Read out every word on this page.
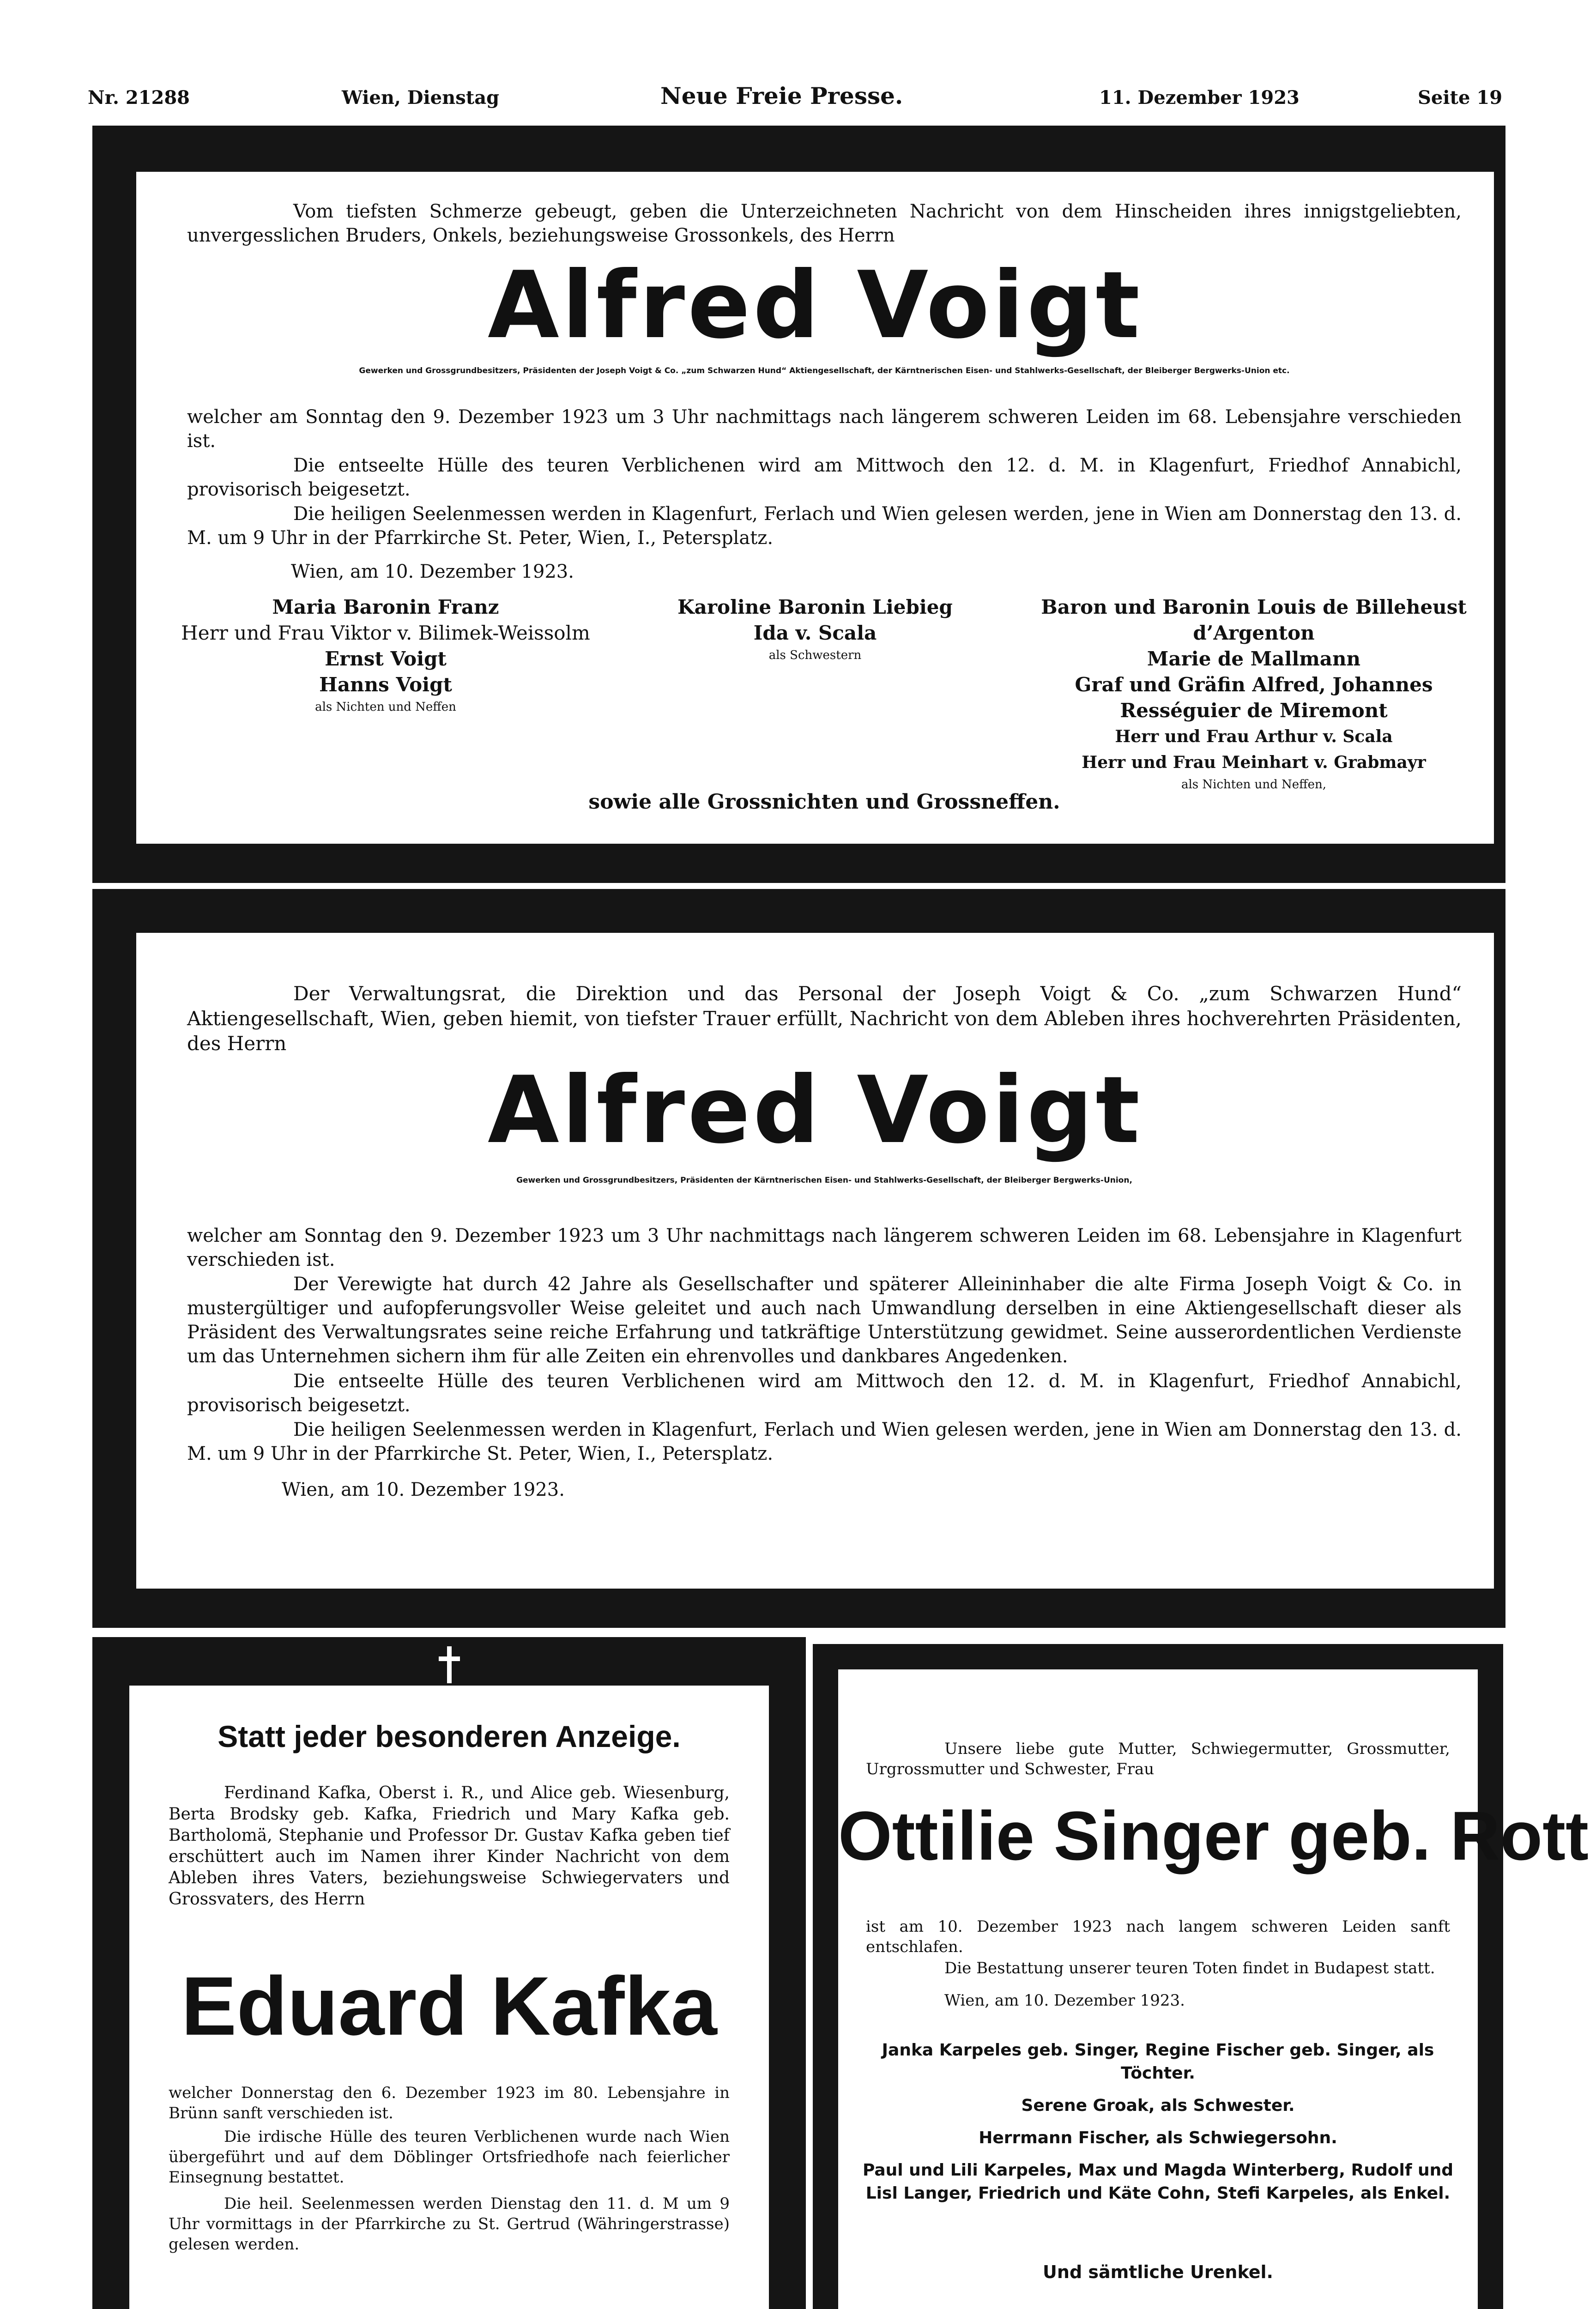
Nr. 21288	Wien, Dienstag	Neue Freie Presse.	11. Dezember 1923	Seite 19

Vom tiefsten Schmerze gebeugt, geben die Unterzeichneten Nachricht von dem Hinscheiden ihres innigstgeliebten, unvergesslichen Bruders, Onkels, beziehungsweise Grossonkels, des Herrn

Alfred Voigt

Gewerken und Grossgrundbesitzers, Präsidenten der Joseph Voigt & Co. „zum Schwarzen Hund“ Aktiengesellschaft, der Kärntnerischen Eisen- und Stahlwerks-Gesellschaft, der Bleiberger Bergwerks-Union etc.

welcher am Sonntag den 9. Dezember 1923 um 3 Uhr nachmittags nach längerem schweren Leiden im 68. Lebensjahre verschieden ist.

Die entseelte Hülle des teuren Verblichenen wird am Mittwoch den 12. d. M. in Klagenfurt, Friedhof Annabichl, provisorisch beigesetzt.

Die heiligen Seelenmessen werden in Klagenfurt, Ferlach und Wien gelesen werden, jene in Wien am Donnerstag den 13. d. M. um 9 Uhr in der Pfarrkirche St. Peter, Wien, I., Petersplatz.

Wien, am 10. Dezember 1923.

Maria Baronin Franz
Herr und Frau Viktor v. Bilimek-Weissolm
Ernst Voigt
Hanns Voigt
als Nichten und Neffen
Karoline Baronin Liebieg
Ida v. Scala
als Schwestern
Baron und Baronin Louis de Billeheust d’Argenton
Marie de Mallmann
Graf und Gräfin Alfred, Johannes Rességuier de Miremont
Herr und Frau Arthur v. Scala
Herr und Frau Meinhart v. Grabmayr
als Nichten und Neffen,

sowie alle Grossnichten und Grossneffen.

Der Verwaltungsrat, die Direktion und das Personal der Joseph Voigt & Co. „zum Schwarzen Hund“ Aktiengesellschaft, Wien, geben hiemit, von tiefster Trauer erfüllt, Nachricht von dem Ableben ihres hochverehrten Präsidenten, des Herrn

Alfred Voigt

Gewerken und Grossgrundbesitzers, Präsidenten der Kärntnerischen Eisen- und Stahlwerks-Gesellschaft, der Bleiberger Bergwerks-Union,

welcher am Sonntag den 9. Dezember 1923 um 3 Uhr nachmittags nach längerem schweren Leiden im 68. Lebensjahre in Klagenfurt verschieden ist.

Der Verewigte hat durch 42 Jahre als Gesellschafter und späterer Alleininhaber die alte Firma Joseph Voigt & Co. in mustergültiger und aufopferungsvoller Weise geleitet und auch nach Umwandlung derselben in eine Aktiengesellschaft dieser als Präsident des Verwaltungsrates seine reiche Erfahrung und tatkräftige Unterstützung gewidmet. Seine ausserordentlichen Verdienste um das Unternehmen sichern ihm für alle Zeiten ein ehrenvolles und dankbares Angedenken.

Die entseelte Hülle des teuren Verblichenen wird am Mittwoch den 12. d. M. in Klagenfurt, Friedhof Annabichl, provisorisch beigesetzt.

Die heiligen Seelenmessen werden in Klagenfurt, Ferlach und Wien gelesen werden, jene in Wien am Donnerstag den 13. d. M. um 9 Uhr in der Pfarrkirche St. Peter, Wien, I., Petersplatz.

Wien, am 10. Dezember 1923.

Statt jeder besonderen Anzeige.

Ferdinand Kafka, Oberst i. R., und Alice geb. Wiesenburg, Berta Brodsky geb. Kafka, Friedrich und Mary Kafka geb. Bartholomä, Stephanie und Professor Dr. Gustav Kafka geben tief erschüttert auch im Namen ihrer Kinder Nachricht von dem Ableben ihres Vaters, beziehungsweise Schwiegervaters und Grossvaters, des Herrn

Eduard Kafka

welcher Donnerstag den 6. Dezember 1923 im 80. Lebensjahre in Brünn sanft verschieden ist.

Die irdische Hülle des teuren Verblichenen wurde nach Wien übergeführt und auf dem Döblinger Ortsfriedhofe nach feierlicher Einsegnung bestattet.

Die heil. Seelenmessen werden Dienstag den 11. d. M um 9 Uhr vormittags in der Pfarrkirche zu St. Gertrud (Währingerstrasse) gelesen werden.

Unsere liebe gute Mutter, Schwiegermutter, Grossmutter, Urgrossmutter und Schwester, Frau

Ottilie Singer geb. Rott

ist am 10. Dezember 1923 nach langem schweren Leiden sanft entschlafen.

Die Bestattung unserer teuren Toten findet in Budapest statt.

Wien, am 10. Dezember 1923.

Janka Karpeles geb. Singer, Regine Fischer geb. Singer, als Töchter.

Serene Groak, als Schwester.

Herrmann Fischer, als Schwiegersohn.

Paul und Lili Karpeles, Max und Magda Winterberg, Rudolf und Lisl Langer, Friedrich und Käte Cohn, Stefi Karpeles, als Enkel.

Und sämtliche Urenkel.
